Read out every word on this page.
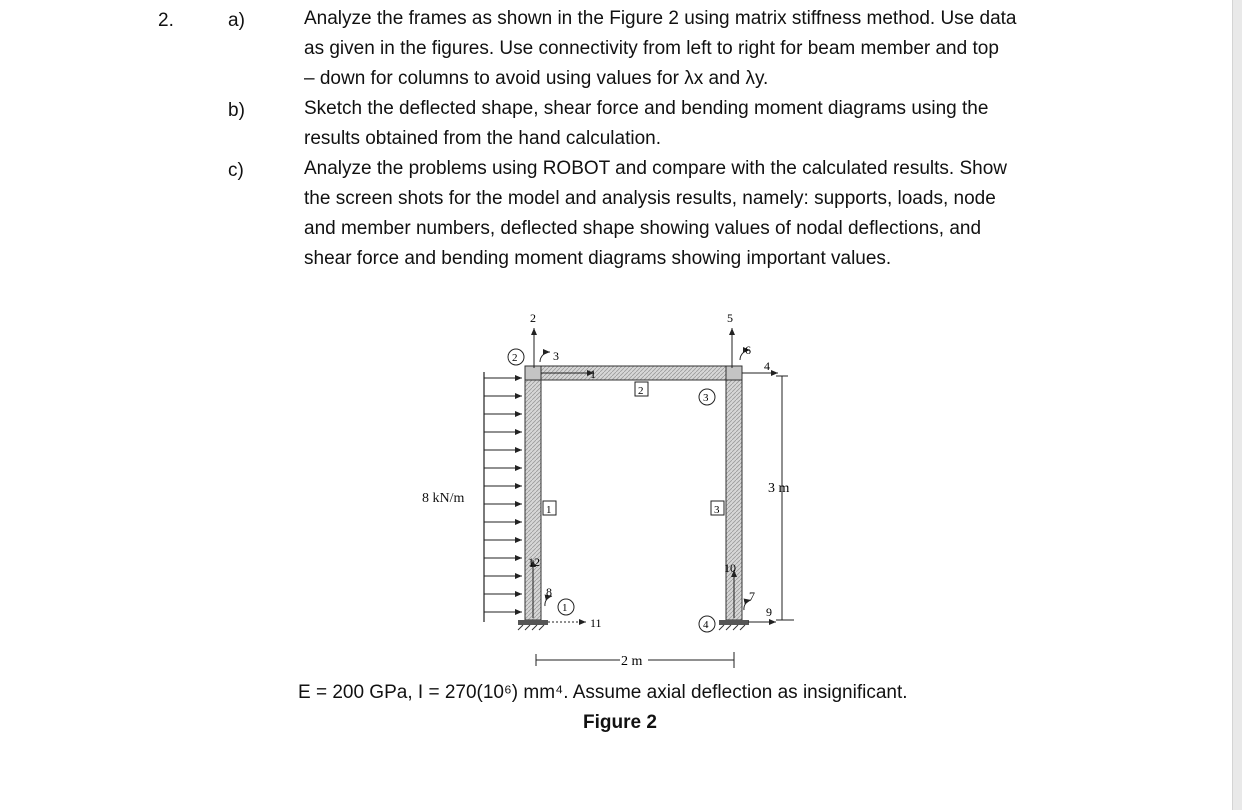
2.	a)	Analyze the frames as shown in the Figure 2 using matrix stiffness method. Use data
as given in the figures. Use connectivity from left to right for beam member and top
– down for columns to avoid using values for λx and λy.
b)	Sketch the deflected shape, shear force and bending moment diagrams using the
results obtained from the hand calculation.
c)	Analyze the problems using ROBOT and compare with the calculated results. Show
the screen shots for the model and analysis results, namely: supports, loads, node
and member numbers, deflected shape showing values of nodal deflections, and
shear force and bending moment diagrams showing important values.
8 kN/m
2
1
3
2
5
4
6
3
2
1	3
12
11
8
1
10
9
7
4
3 m
2 m
E = 200 GPa, I = 270(10⁶) mm⁴. Assume axial deflection as insignificant.
Figure 2
